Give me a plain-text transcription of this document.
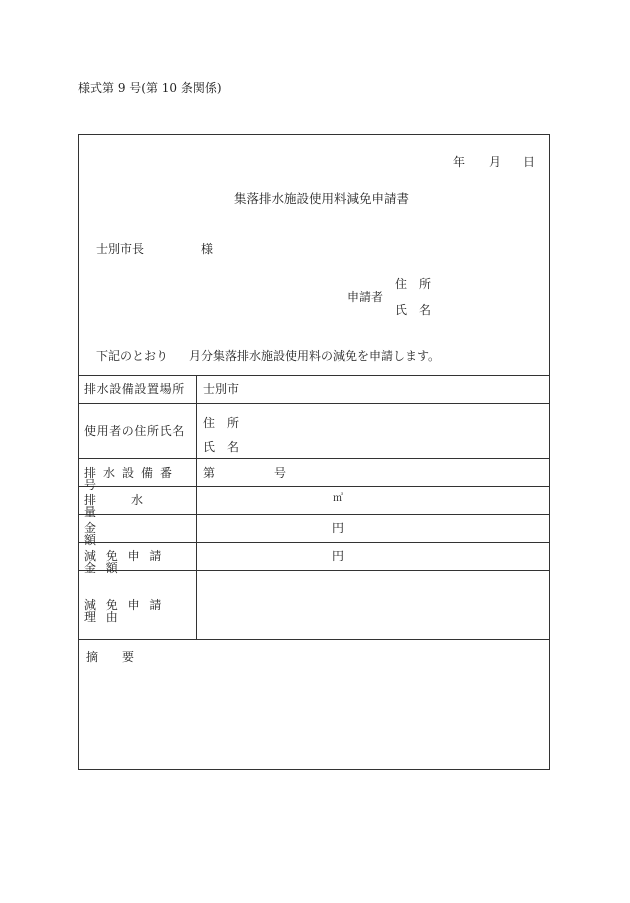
様式第 9 号(第 10 条関係)
年 月 日
集落排水施設使用料減免申請書
士別市長	様
住　所
申請者
氏　名
下記のとおり 月分集落排水施設使用料の減免を申請します。
排水設備設置場所 士別市
使用者の住所氏名
住　所
氏　名
排水設備番号
第	号
排水量
㎥
金額
円
減免申請金額
円
減免申請理由
摘　要
